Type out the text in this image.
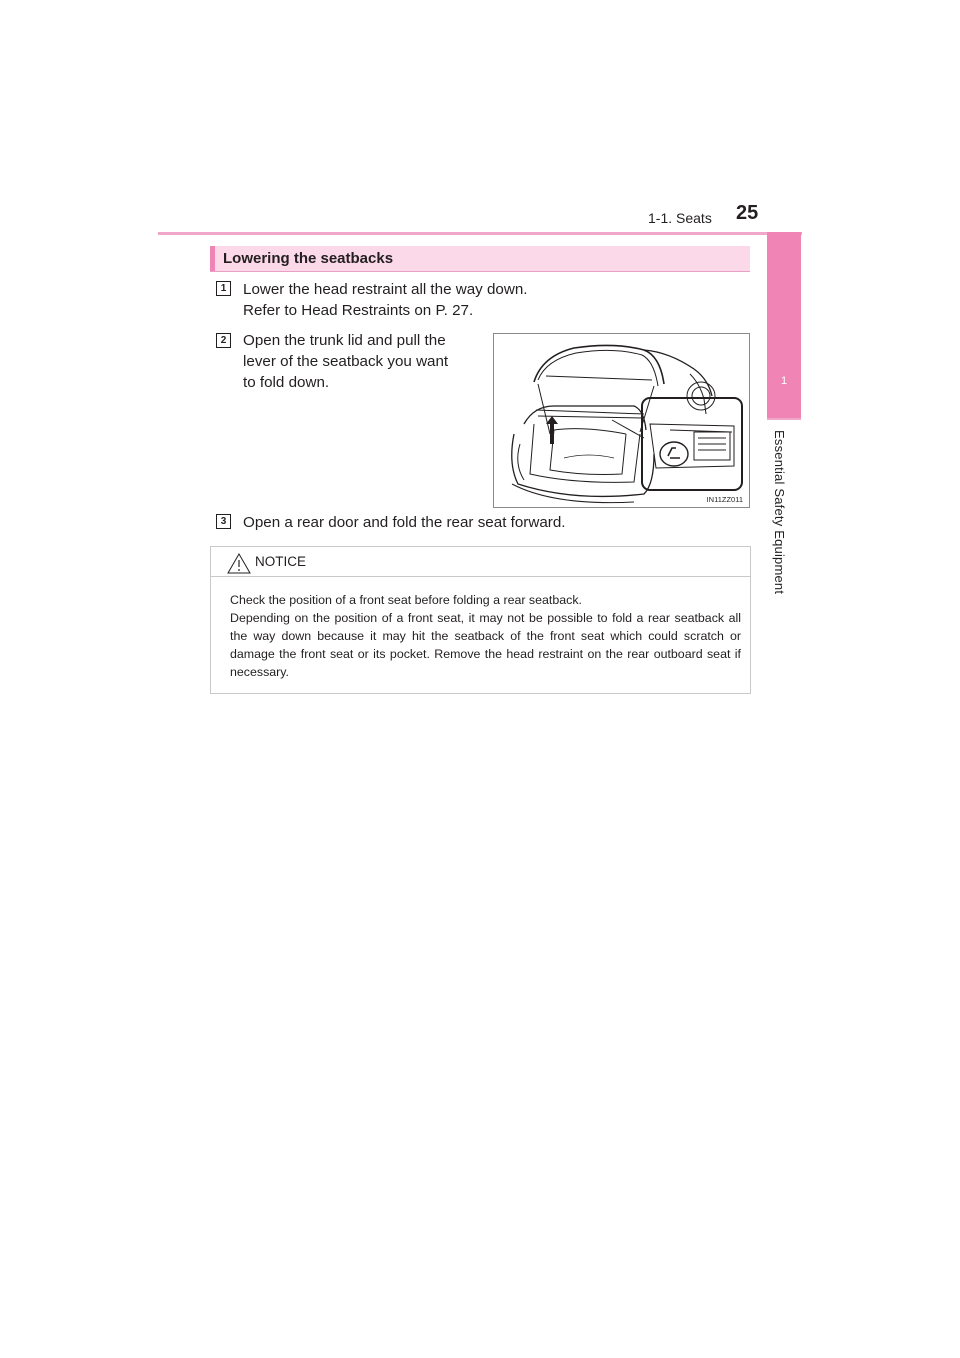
1-1. Seats 25
1
Essential Safety Equipment
Lowering the seatbacks
1	Lower the head restraint all the way down.
Refer to Head Restraints on P. 27.
2	Open the trunk lid and pull the
lever of the seatback you want
to fold down.
IN11ZZ011
3	Open a rear door and fold the rear seat forward.
NOTICE

Check the position of a front seat before folding a rear seatback.

Depending on the position of a front seat, it may not be possible to fold a rear seatback all the way down because it may hit the seatback of the front seat which could scratch or damage the front seat or its pocket. Remove the head restraint on the rear outboard seat if necessary.
